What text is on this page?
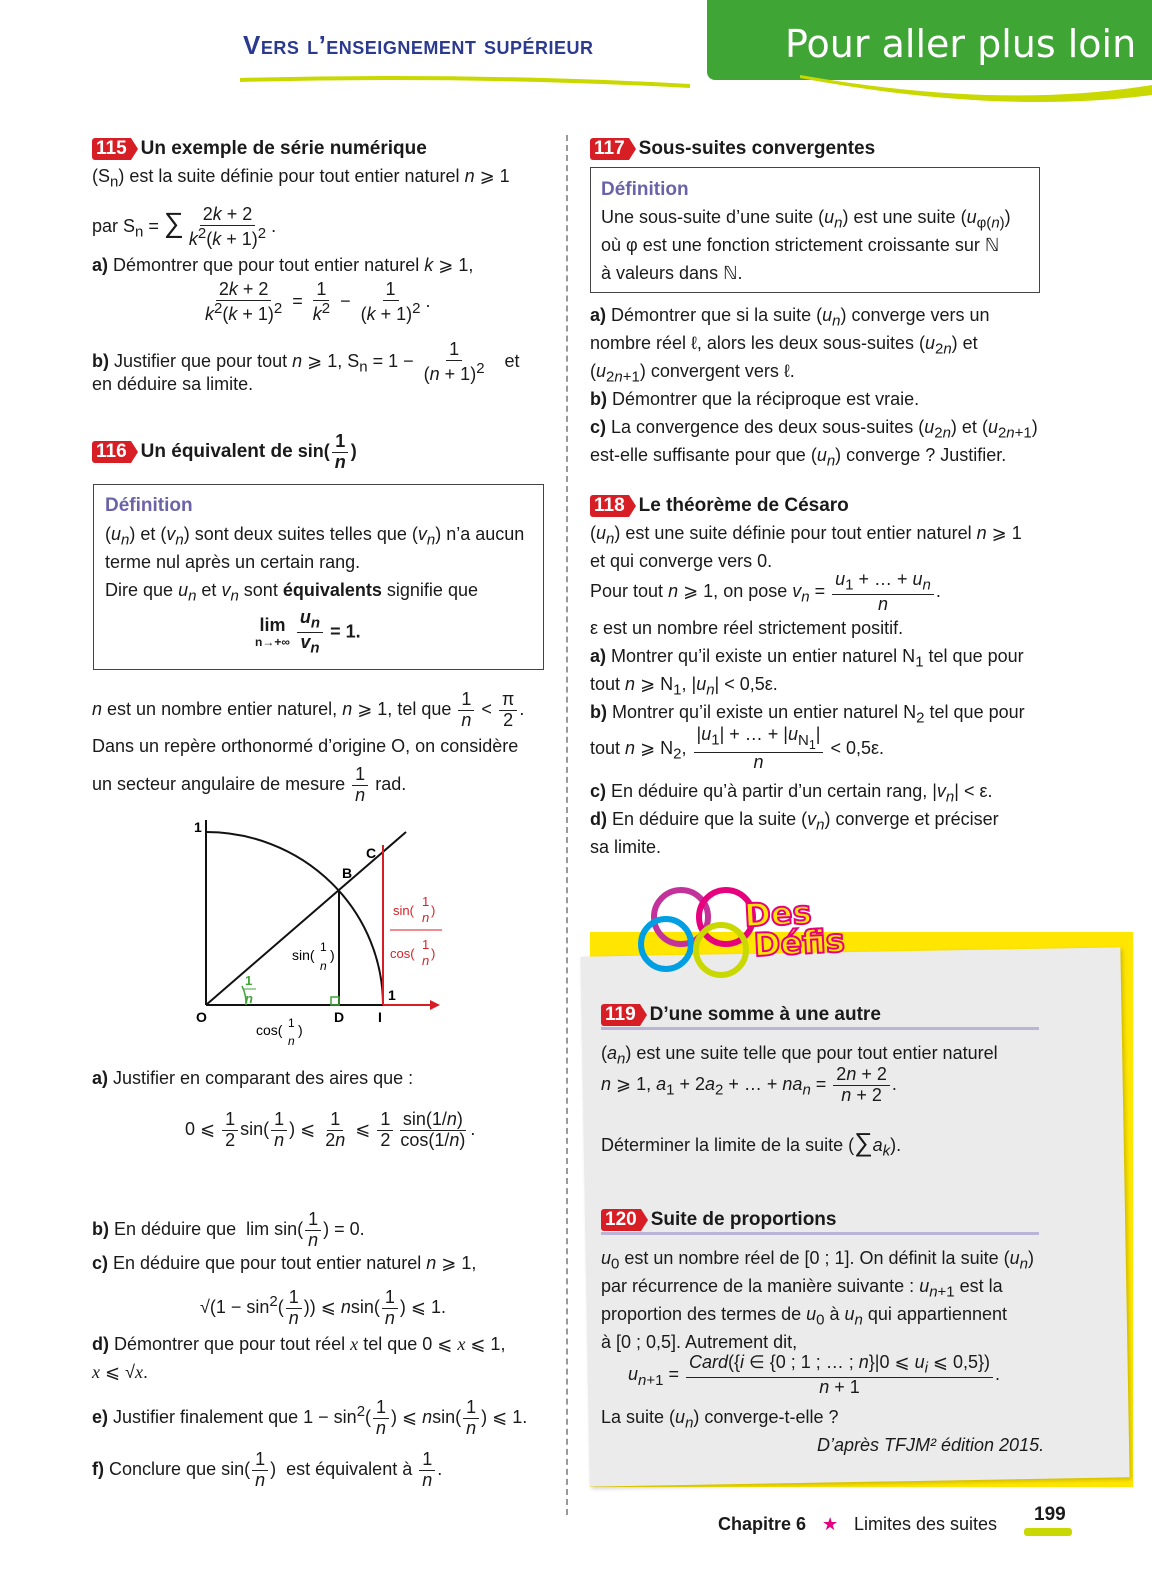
Vers l’enseignement supérieur	Pour aller plus loin
115 Un exemple de série numérique
$(S_n)$ est la suite définie pour tout entier naturel n ⩾ 1
par $S_n$ = ∑ $\frac{2k + 2}{k^2(k + 1)^2}$ .
a) Démontrer que pour tout entier naturel k ⩾ 1,
$\frac{2k + 2}{k^2(k + 1)^2} = \frac{1}{k^2} - \frac{1}{(k + 1)^2}$ .
b) Justifier que pour tout n ⩾ 1, $S_n = 1 - \frac{1}{(n + 1)^2}$ et
en déduire sa limite.
116 Un équivalent de $\sin( \frac{1}{n}$ )
Définition
$(u_n)$ et $(v_n)$ sont deux suites telles que $(v_n)$ n’a aucun
terme nul après un certain rang.
Dire que $u_n$ et $v_n$ sont équivalents signifie que
lim
n→+∞
$\frac{u_n}{v_n} = 1$.
n est un nombre entier naturel, n ⩾ 1, tel que $\frac{1}{n} < \frac{\pi}{2}$ .
Dans un repère orthonormé d’origine O, on considère
un secteur angulaire de mesure $\frac{1}{n}$ rad.
1
O	D I
1
B
C
1
n
sin( 1
n
)
cos( 1
n
)
sin(
1
n )
cos(
1
n )
a) Justifier en comparant des aires que :
0 ⩽ $\frac{1}{2} \sin( \frac{1}{n}$ ) ⩽ $\frac{1}{2n}$ ⩽ $\frac{1}{2} \frac{\sin(1/n)}{\cos(1/n)}$ .
b) En déduire que  $\lim \sin( \frac{1}{n}$ ) = 0.
c) En déduire que pour tout entier naturel n ⩾ 1,
$√(1 - \sin^2( \frac{1}{n}$ )) ⩽ $nsin( \frac{1}{n}$ ) ⩽ 1.
d) Démontrer que pour tout réel x tel que 0 ⩽ x ⩽ 1,
x ⩽ √x.
e) Justifier finalement que $1 - \sin^2( \frac{1}{n}$ ) ⩽ $nsin( \frac{1}{n}$ ) ⩽ 1.
f) Conclure que $\sin( \frac{1}{n}$ )  est équivalent à $\frac{1}{n}$ .
117 Sous-suites convergentes
Définition
Une sous-suite d’une suite $(u_n)$ est une suite $(u_{\varphi(n)})$
où φ est une fonction strictement croissante sur ℕ
à valeurs dans ℕ.
a) Démontrer que si la suite $(u_n)$ converge vers un
nombre réel ℓ, alors les deux sous-suites $(u_{2n})$ et
$(u_{2n+1})$ convergent vers ℓ.
b) Démontrer que la réciproque est vraie.
c) La convergence des deux sous-suites $(u_{2n})$ et $(u_{2n+1})$
est-elle suffisante pour que $(u_n)$ converge ? Justifier.
118 Le théorème de Césaro
$(u_n)$ est une suite définie pour tout entier naturel n ⩾ 1
et qui converge vers 0.
Pour tout n ⩾ 1, on pose $v_n = \frac{u_1 + \dots + u_n}{n}$ .
ε est un nombre réel strictement positif.
a) Montrer qu’il existe un entier naturel $N_1$ tel que pour
tout n ⩾ $N_1$, $|u_n| < 0,5\varepsilon$.
b) Montrer qu’il existe un entier naturel $N_2$ tel que pour
tout n ⩾ $N_2$, $\frac{|u_1| + \dots + |u_{N_1}|}{n} < 0,5\varepsilon$.
c) En déduire qu’à partir d’un certain rang, $|v_n| < \varepsilon$.
d) En déduire que la suite $(v_n)$ converge et préciser
sa limite.
Des
Défis
119 D’une somme à une autre
$(a_n)$ est une suite telle que pour tout entier naturel
n ⩾ 1, $a_1 + 2a_2$ + … + $na_n = \frac{2n + 2}{n + 2}$ .
Déterminer la limite de la suite $(\sum a_k)$.
120 Suite de proportions
$u_0$ est un nombre réel de [0 ; 1]. On définit la suite $(u_n)$
par récurrence de la manière suivante : $u_{n+1}$ est la
proportion des termes de $u_0$ à $u_n$ qui appartiennent
à [0 ; 0,5]. Autrement dit,
$u_{n+1} = \frac{Card(\{i \in \{0 ; 1 ; \dots ; n\}|0 ⩽ u_i ⩽ 0,5\})}{n + 1}$ .
La suite $(u_n)$ converge-t-elle ?
D’après TFJM² édition 2015.
Chapitre 6 ★ Limites des suites 199
